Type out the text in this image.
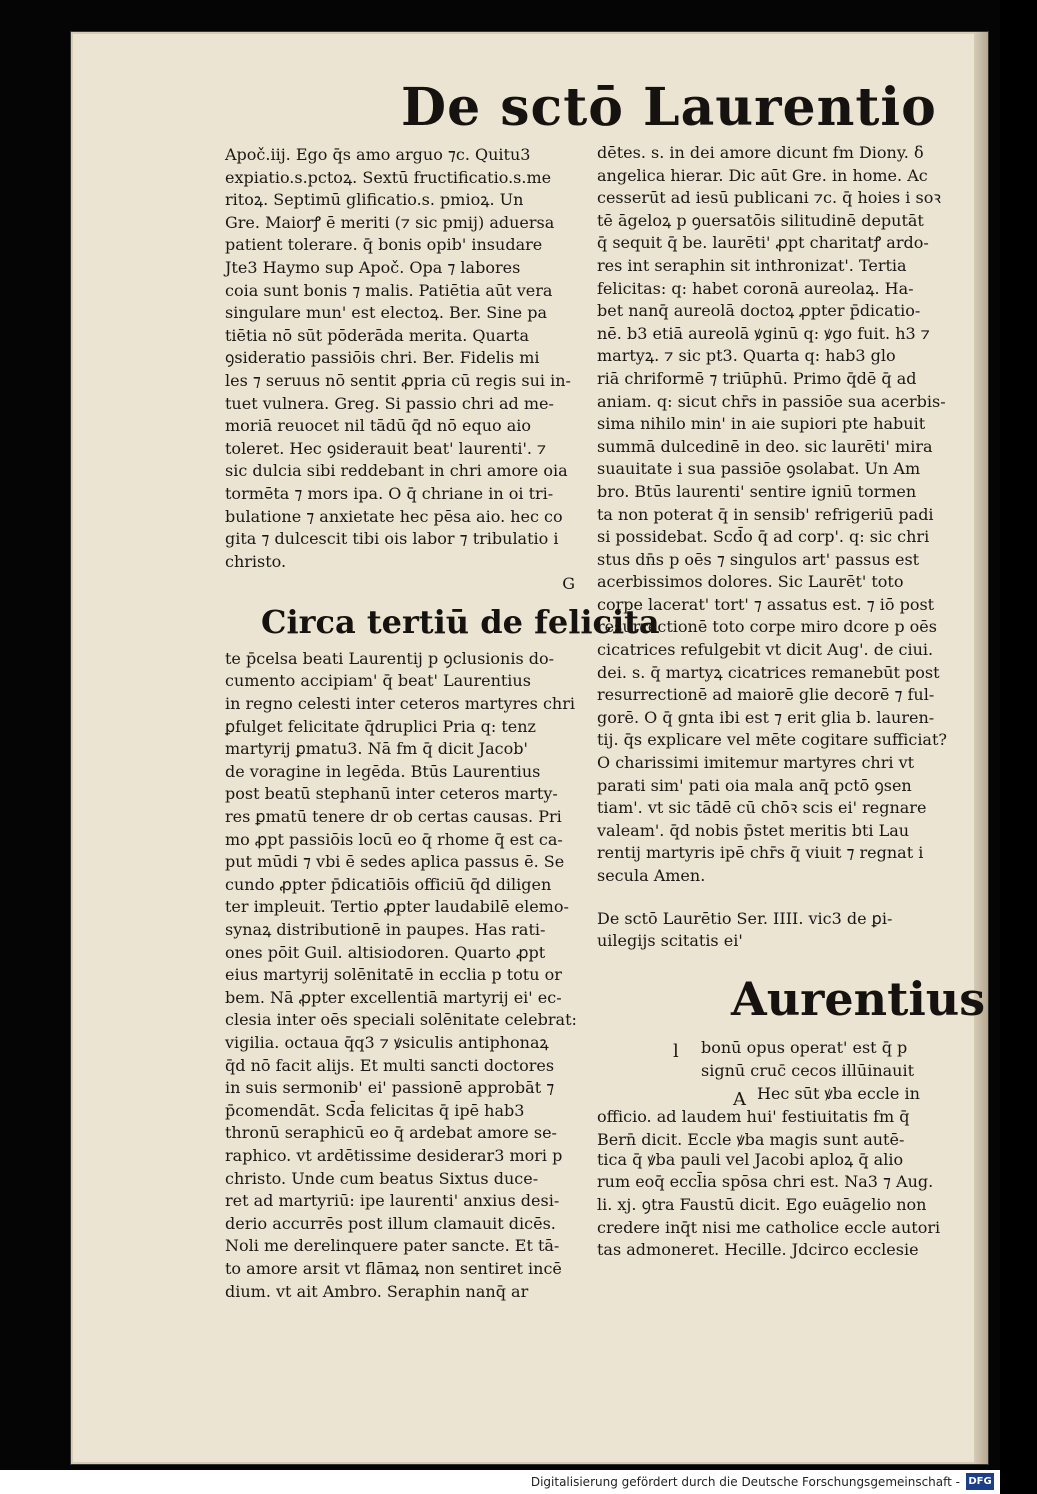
De sctō Laurentio
Apoč.iij. Ego q̄s amo arguo ⁊c. Quitu3
expiatio.s.pctoꝝ. Sextū fructificatio.s.me
ritoꝝ. Septimū glificatio.s. pmioꝝ. Un
Gre. Maiorꝭ ē meriti (⁊ sic pmij) aduersa
patient tolerare. q̄ bonis opib' insudare
Jte3 Haymo sup Apoč. Opa ⁊ labores
coia sunt bonis ⁊ malis. Patiētia aūt vera
singulare mun' est electoꝝ. Ber. Sine pa
tiētia nō sūt pōderāda merita. Quarta
ꝯsideratio passiōis chri. Ber. Fidelis mi
les ⁊ seruus nō sentit ꝓpria cū regis sui in-
tuet vulnera. Greg. Si passio chri ad me-
moriā reuocet nil tādū q̄d nō equo aio
toleret. Hec ꝯsiderauit beat' laurenti'. ⁊
sic dulcia sibi reddebant in chri amore oia
tormēta ⁊ mors ipa. O q̄ chriane in oi tri-
bulatione ⁊ anxietate hec pēsa aio. hec co
gita ⁊ dulcescit tibi ois labor ⁊ tribulatio i
christo.
G
Circa tertiū de felicita
te p̄celsa beati Laurentij p ꝯclusionis do-
cumento accipiam' q̄ beat' Laurentius
in regno celesti inter ceteros martyres chri
ꝑfulget felicitate q̄druplici Pria q: tenz
martyrij ꝑmatu3. Nā fm q̄ dicit Jacob'
de voragine in legēda. Btūs Laurentius
post beatū stephanū inter ceteros marty-
res ꝑmatū tenere dr ob certas causas. Pri
mo ꝓpt passiōis locū eo q̄ rhome q̄ est ca-
put mūdi ⁊ vbi ē sedes aplica passus ē. Se
cundo ꝓpter p̄dicatiōis officiū q̄d diligen
ter impleuit. Tertio ꝓpter laudabilē elemo-
synaꝝ distributionē in paupes. Has rati-
ones pōit Guil. altisiodoren. Quarto ꝓpt
eius martyrij solēnitatē in ecclia p totu or
bem. Nā ꝓpter excellentiā martyrij ei' ec-
clesia inter oēs speciali solēnitate celebrat:
vigilia. octaua q̄q3 ⁊ ꝟsiculis antiphonaꝝ
q̄d nō facit alijs. Et multi sancti doctores
in suis sermonib' ei' passionē approbāt ⁊
p̄comendāt. Scd̄a felicitas q̄ ipē hab3
thronū seraphicū eo q̄ ardebat amore se-
raphico. vt ardētissime desiderar3 mori p
christo. Unde cum beatus Sixtus duce-
ret ad martyriū: ipe laurenti' anxius desi-
derio accurrēs post illum clamauit dicēs.
Noli me derelinquere pater sancte. Et tā-
to amore arsit vt flāmaꝝ non sentiret incē
dium. vt ait Ambro. Seraphin nanq̄ ar
dētes. s. in dei amore dicunt fm Diony. ẟ
angelica hierar. Dic aūt Gre. in home. Ac
cesserūt ad iesū publicani ⁊c. q̄ hoies i soꝛ
tē āgeloꝝ p ꝯuersatōis silitudinē deputāt
q̄ sequit q̄ be. laurēti' ꝓpt charitatꝭ ardo-
res int seraphin sit inthronizat'. Tertia
felicitas: q: habet coronā aureolaꝝ. Ha-
bet nanq̄ aureolā doctoꝝ ꝓpter p̄dicatio-
nē. b3 etiā aureolā ꝟginū q: ꝟgo fuit. h3 ⁊
martyꝝ. ⁊ sic pt3. Quarta q: hab3 glo
riā chriformē ⁊ triūphū. Primo q̄dē q̄ ad
aniam. q: sicut chr̄s in passiōe sua acerbis-
sima nihilo min' in aie supiori pte habuit
summā dulcedinē in deo. sic laurēti' mira
suauitate i sua passiōe ꝯsolabat. Un Am
bro. Btūs laurenti' sentire igniū tormen
ta non poterat q̄ in sensib' refrigeriū padi
si possidebat. Scd̄o q̄ ad corp'. q: sic chri
stus dn̄s p oēs ⁊ singulos art' passus est
acerbissimos dolores. Sic Laurēt' toto
corpe lacerat' tort' ⁊ assatus est. ⁊ iō post
resurrectionē toto corpe miro dcore p oēs
cicatrices refulgebit vt dicit Aug'. de ciui.
dei. s. q̄ martyꝝ cicatrices remanebūt post
resurrectionē ad maiorē glie decorē ⁊ ful-
gorē. O q̄ gnta ibi est ⁊ erit glia b. lauren-
tij. q̄s explicare vel mēte cogitare sufficiat?
O charissimi imitemur martyres chri vt
parati sim' pati oia mala anq̄ pctō ꝯsen
tiam'. vt sic tādē cū chōꝛ scis ei' regnare
valeam'. q̄d nobis p̄stet meritis bti Lau
rentij martyris ipē chr̄s q̄ viuit ⁊ regnat i
secula Amen.
De sctō Laurētio Ser. IIII. vic3 de ꝑi-
uilegijs scitatis ei'
Aurentius
l
A
bonū opus operat' est q̄ p
signū cruc̄ cecos illūinauit
Hec sūt ꝟba eccle in
officio. ad laudem hui' festiuitatis fm q̄
Bern̄ dicit. Eccle ꝟba magis sunt autē-
tica q̄ ꝟba pauli vel Jacobi aploꝝ q̄ alio
rum eoq̄ eccl̄ia spōsa chri est. Na3 ⁊ Aug.
li. xj. ꝯtra Faustū dicit. Ego euāgelio non
credere inq̄t nisi me catholice eccle autori
tas admoneret. Hecille. Jdcirco ecclesie
Digitalisierung gefördert durch die Deutsche Forschungsgemeinschaft - DFG
